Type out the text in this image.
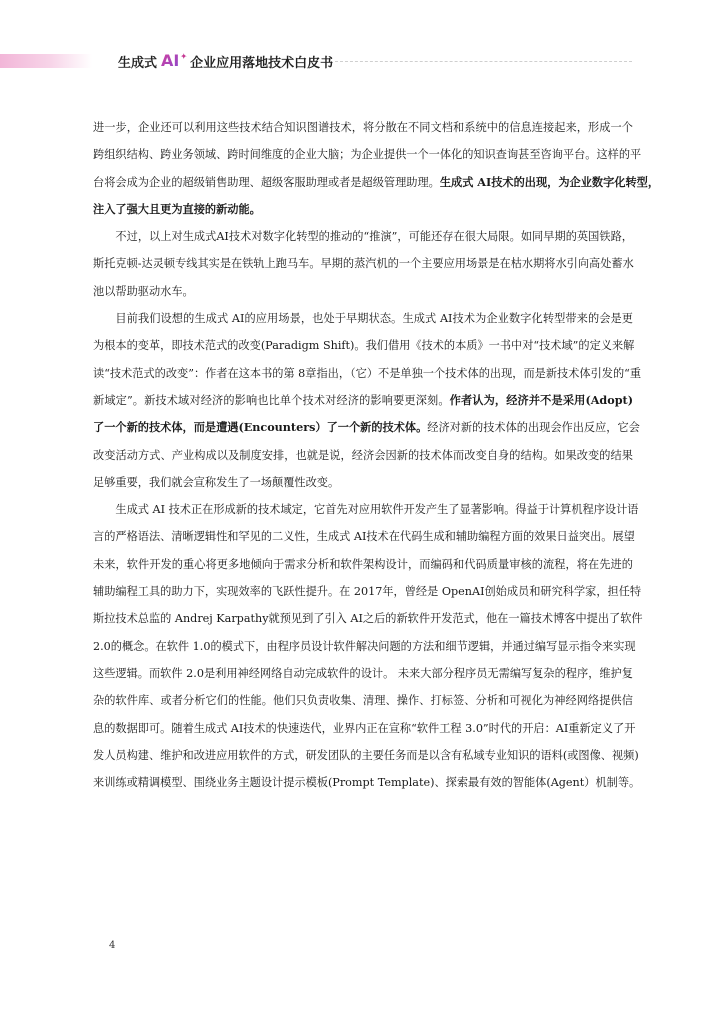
生成式 AI ✦ 企业应用落地技术白皮书

进一步，企业还可以利用这些技术结合知识图谱技术，将分散在不同文档和系统中的信息连接起来，形成一个
跨组织结构、跨业务领域、跨时间维度的企业大脑；为企业提供一个一体化的知识查询甚至咨询平台。这样的平
台将会成为企业的超级销售助理、超级客服助理或者是超级管理助理。生成式 AI技术的出现，为企业数字化转型，
注入了强大且更为直接的新动能。

不过，以上对生成式AI技术对数字化转型的推动的“推演”，可能还存在很大局限。如同早期的英国铁路，
斯托克顿-达灵顿专线其实是在铁轨上跑马车。早期的蒸汽机的一个主要应用场景是在枯水期将水引向高处蓄水
池以帮助驱动水车。

目前我们设想的生成式 AI的应用场景，也处于早期状态。生成式 AI技术为企业数字化转型带来的会是更
为根本的变革，即技术范式的改变(Paradigm Shift)。我们借用《技术的本质》一书中对“技术域”的定义来解
读“技术范式的改变”：作者在这本书的第 8章指出，（它）不是单独一个技术体的出现，而是新技术体引发的“重
新域定”。新技术域对经济的影响也比单个技术对经济的影响要更深刻。作者认为，经济并不是采用(Adopt)
了一个新的技术体，而是遭遇(Encounters）了一个新的技术体。经济对新的技术体的出现会作出反应，它会
改变活动方式、产业构成以及制度安排，也就是说，经济会因新的技术体而改变自身的结构。如果改变的结果
足够重要，我们就会宣称发生了一场颠覆性改变。

生成式 AI 技术正在形成新的技术域定，它首先对应用软件开发产生了显著影响。得益于计算机程序设计语
言的严格语法、清晰逻辑性和罕见的二义性，生成式 AI技术在代码生成和辅助编程方面的效果日益突出。展望
未来，软件开发的重心将更多地倾向于需求分析和软件架构设计，而编码和代码质量审核的流程，将在先进的
辅助编程工具的助力下，实现效率的飞跃性提升。在 2017年，曾经是 OpenAI创始成员和研究科学家，担任特
斯拉技术总监的 Andrej Karpathy就预见到了引入 AI之后的新软件开发范式，他在一篇技术博客中提出了软件
2.0的概念。在软件 1.0的模式下，由程序员设计软件解决问题的方法和细节逻辑，并通过编写显示指令来实现
这些逻辑。而软件 2.0是利用神经网络自动完成软件的设计。 未来大部分程序员无需编写复杂的程序，维护复
杂的软件库、或者分析它们的性能。他们只负责收集、清理、操作、打标签、分析和可视化为神经网络提供信
息的数据即可。随着生成式 AI技术的快速迭代，业界内正在宣称“软件工程 3.0”时代的开启：AI重新定义了开
发人员构建、维护和改进应用软件的方式，研发团队的主要任务而是以含有私域专业知识的语料(或图像、视频)
来训练或精调模型、围绕业务主题设计提示模板(Prompt Template)、探索最有效的智能体(Agent）机制等。

4
